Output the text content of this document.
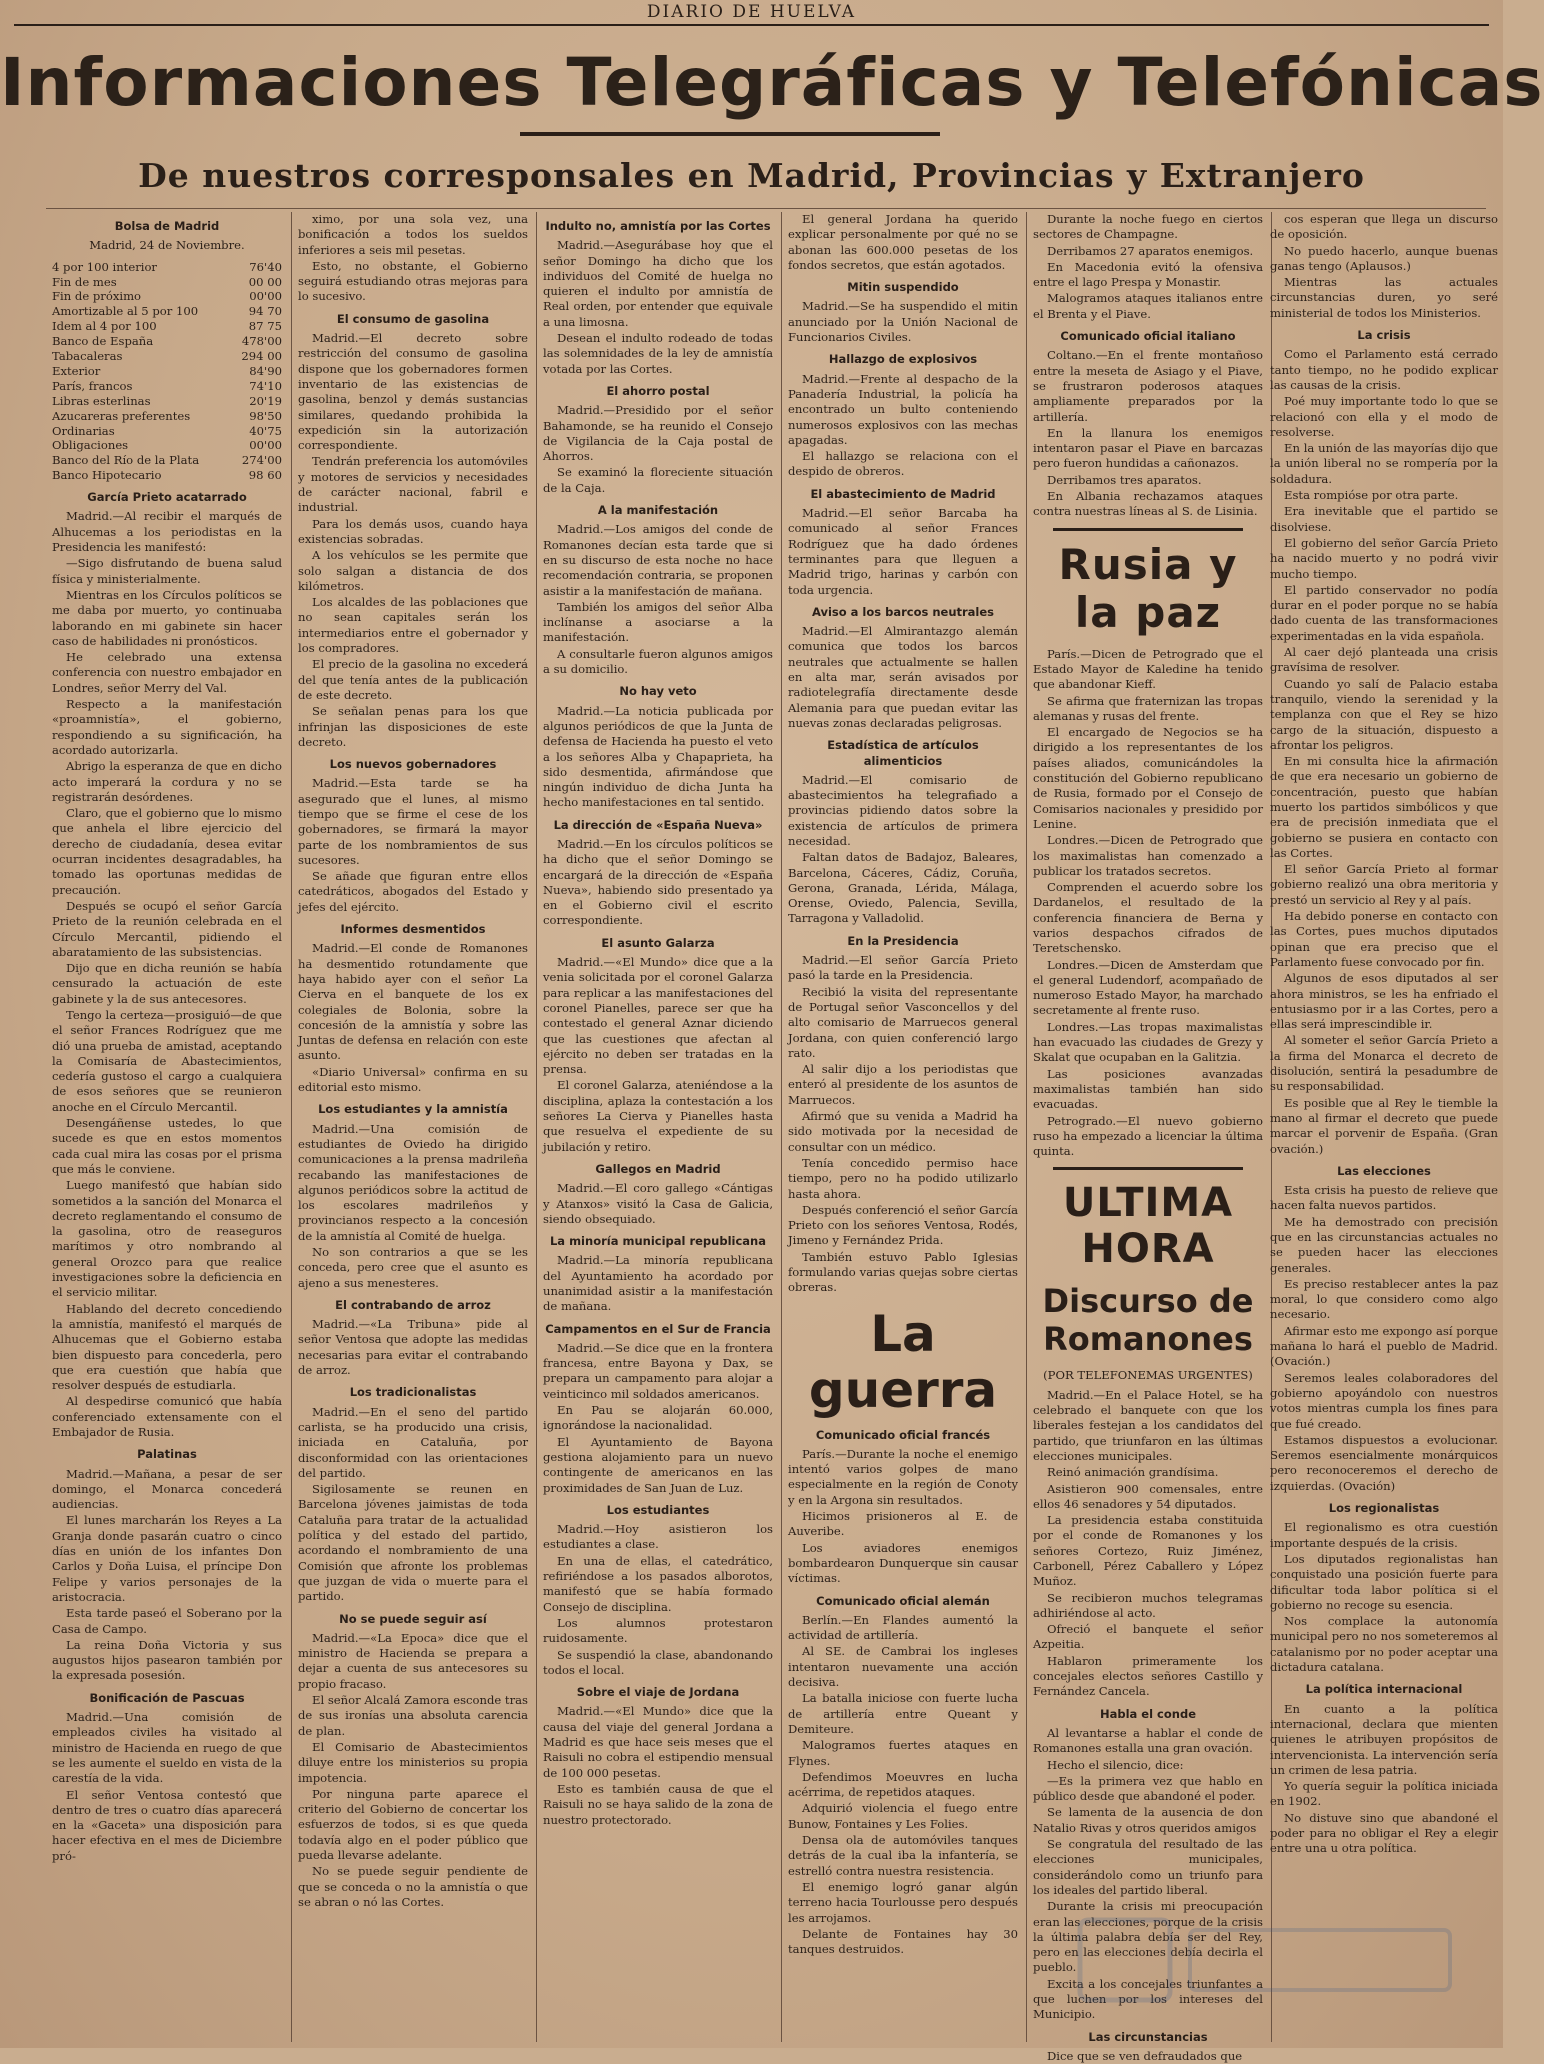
DIARIO DE HUELVA
Informaciones Telegráficas y Telefónicas
De nuestros corresponsales en Madrid, Provincias y Extranjero
Bolsa de Madrid
Madrid, 24 de Noviembre.
4 por 100 interior	76'40
Fin de mes	00 00
Fin de próximo	00'00
Amortizable al 5 por 100	94 70
Idem al 4 por 100	87 75
Banco de España	478'00
Tabacaleras	294 00
Exterior	84'90
París, francos	74'10
Libras esterlinas	20'19
Azucareras preferentes	98'50
Ordinarias	40'75
Obligaciones	00'00
Banco del Río de la Plata	274'00
Banco Hipotecario	98 60
García Prieto acatarrado

Madrid.—Al recibir el marqués de Alhucemas a los periodistas en la Presidencia les manifestó:

—Sigo disfrutando de buena salud física y ministerialmente.

Mientras en los Círculos políticos se me daba por muerto, yo continuaba laborando en mi gabinete sin hacer caso de habilidades ni pronósticos.

He celebrado una extensa conferencia con nuestro embajador en Londres, señor Merry del Val.

Respecto a la manifestación «proamnistía», el gobierno, respondiendo a su significación, ha acordado autorizarla.

Abrigo la esperanza de que en dicho acto imperará la cordura y no se registrarán desórdenes.

Claro, que el gobierno que lo mismo que anhela el libre ejercicio del derecho de ciudadanía, desea evitar ocurran incidentes desagradables, ha tomado las oportunas medidas de precaución.

Después se ocupó el señor García Prieto de la reunión celebrada en el Círculo Mercantil, pidiendo el abaratamiento de las subsistencias.

Dijo que en dicha reunión se había censurado la actuación de este gabinete y la de sus antecesores.

Tengo la certeza—prosiguió—de que el señor Frances Rodríguez que me dió una prueba de amistad, aceptando la Comisaría de Abastecimientos, cedería gustoso el cargo a cualquiera de esos señores que se reunieron anoche en el Círculo Mercantil.

Desengáñense ustedes, lo que sucede es que en estos momentos cada cual mira las cosas por el prisma que más le conviene.

Luego manifestó que habían sido sometidos a la sanción del Monarca el decreto reglamentando el consumo de la gasolina, otro de reaseguros marítimos y otro nombrando al general Orozco para que realice investigaciones sobre la deficiencia en el servicio militar.

Hablando del decreto concediendo la amnistía, manifestó el marqués de Alhucemas que el Gobierno estaba bien dispuesto para concederla, pero que era cuestión que había que resolver después de estudiarla.

Al despedirse comunicó que había conferenciado extensamente con el Embajador de Rusia.

Palatinas

Madrid.—Mañana, a pesar de ser domingo, el Monarca concederá audiencias.

El lunes marcharán los Reyes a La Granja donde pasarán cuatro o cinco días en unión de los infantes Don Carlos y Doña Luisa, el príncipe Don Felipe y varios personajes de la aristocracia.

Esta tarde paseó el Soberano por la Casa de Campo.

La reina Doña Victoria y sus augustos hijos pasearon también por la expresada posesión.

Bonificación de Pascuas

Madrid.—Una comisión de empleados civiles ha visitado al ministro de Hacienda en ruego de que se les aumente el sueldo en vista de la carestía de la vida.

El señor Ventosa contestó que dentro de tres o cuatro días aparecerá en la «Gaceta» una disposición para hacer efectiva en el mes de Diciembre pró-

ximo, por una sola vez, una bonificación a todos los sueldos inferiores a seis mil pesetas.

Esto, no obstante, el Gobierno seguirá estudiando otras mejoras para lo sucesivo.

El consumo de gasolina

Madrid.—El decreto sobre restricción del consumo de gasolina dispone que los gobernadores formen inventario de las existencias de gasolina, benzol y demás sustancias similares, quedando prohibida la expedición sin la autorización correspondiente.

Tendrán preferencia los automóviles y motores de servicios y necesidades de carácter nacional, fabril e industrial.

Para los demás usos, cuando haya existencias sobradas.

A los vehículos se les permite que solo salgan a distancia de dos kilómetros.

Los alcaldes de las poblaciones que no sean capitales serán los intermediarios entre el gobernador y los compradores.

El precio de la gasolina no excederá del que tenía antes de la publicación de este decreto.

Se señalan penas para los que infrinjan las disposiciones de este decreto.

Los nuevos gobernadores

Madrid.—Esta tarde se ha asegurado que el lunes, al mismo tiempo que se firme el cese de los gobernadores, se firmará la mayor parte de los nombramientos de sus sucesores.

Se añade que figuran entre ellos catedráticos, abogados del Estado y jefes del ejército.

Informes desmentidos

Madrid.—El conde de Romanones ha desmentido rotundamente que haya habido ayer con el señor La Cierva en el banquete de los ex colegiales de Bolonia, sobre la concesión de la amnistía y sobre las Juntas de defensa en relación con este asunto.

«Diario Universal» confirma en su editorial esto mismo.

Los estudiantes y la amnistía

Madrid.—Una comisión de estudiantes de Oviedo ha dirigido comunicaciones a la prensa madrileña recabando las manifestaciones de algunos periódicos sobre la actitud de los escolares madrileños y provincianos respecto a la concesión de la amnistía al Comité de huelga.

No son contrarios a que se les conceda, pero cree que el asunto es ajeno a sus menesteres.

El contrabando de arroz

Madrid.—«La Tribuna» pide al señor Ventosa que adopte las medidas necesarias para evitar el contrabando de arroz.

Los tradicionalistas

Madrid.—En el seno del partido carlista, se ha producido una crisis, iniciada en Cataluña, por disconformidad con las orientaciones del partido.

Sigilosamente se reunen en Barcelona jóvenes jaimistas de toda Cataluña para tratar de la actualidad política y del estado del partido, acordando el nombramiento de una Comisión que afronte los problemas que juzgan de vida o muerte para el partido.

No se puede seguir así

Madrid.—«La Epoca» dice que el ministro de Hacienda se prepara a dejar a cuenta de sus antecesores su propio fracaso.

El señor Alcalá Zamora esconde tras de sus ironías una absoluta carencia de plan.

El Comisario de Abastecimientos diluye entre los ministerios su propia impotencia.

Por ninguna parte aparece el criterio del Gobierno de concertar los esfuerzos de todos, si es que queda todavía algo en el poder público que pueda llevarse adelante.

No se puede seguir pendiente de que se conceda o no la amnistía o que se abran o nó las Cortes.

Indulto no, amnistía por las Cortes

Madrid.—Asegurábase hoy que el señor Domingo ha dicho que los individuos del Comité de huelga no quieren el indulto por amnistía de Real orden, por entender que equivale a una limosna.

Desean el indulto rodeado de todas las solemnidades de la ley de amnistía votada por las Cortes.

El ahorro postal

Madrid.—Presidido por el señor Bahamonde, se ha reunido el Consejo de Vigilancia de la Caja postal de Ahorros.

Se examinó la floreciente situación de la Caja.

A la manifestación

Madrid.—Los amigos del conde de Romanones decían esta tarde que si en su discurso de esta noche no hace recomendación contraria, se proponen asistir a la manifestación de mañana.

También los amigos del señor Alba inclínanse a asociarse a la manifestación.

A consultarle fueron algunos amigos a su domicilio.

No hay veto

Madrid.—La noticia publicada por algunos periódicos de que la Junta de defensa de Hacienda ha puesto el veto a los señores Alba y Chapaprieta, ha sido desmentida, afirmándose que ningún individuo de dicha Junta ha hecho manifestaciones en tal sentido.

La dirección de «España Nueva»

Madrid.—En los círculos políticos se ha dicho que el señor Domingo se encargará de la dirección de «España Nueva», habiendo sido presentado ya en el Gobierno civil el escrito correspondiente.

El asunto Galarza

Madrid.—«El Mundo» dice que a la venia solicitada por el coronel Galarza para replicar a las manifestaciones del coronel Pianelles, parece ser que ha contestado el general Aznar diciendo que las cuestiones que afectan al ejército no deben ser tratadas en la prensa.

El coronel Galarza, ateniéndose a la disciplina, aplaza la contestación a los señores La Cierva y Pianelles hasta que resuelva el expediente de su jubilación y retiro.

Gallegos en Madrid

Madrid.—El coro gallego «Cántigas y Atanxos» visitó la Casa de Galicia, siendo obsequiado.

La minoría municipal republicana

Madrid.—La minoría republicana del Ayuntamiento ha acordado por unanimidad asistir a la manifestación de mañana.

Campamentos en el Sur de Francia

Madrid.—Se dice que en la frontera francesa, entre Bayona y Dax, se prepara un campamento para alojar a veinticinco mil soldados americanos.

En Pau se alojarán 60.000, ignorándose la nacionalidad.

El Ayuntamiento de Bayona gestiona alojamiento para un nuevo contingente de americanos en las proximidades de San Juan de Luz.

Los estudiantes

Madrid.—Hoy asistieron los estudiantes a clase.

En una de ellas, el catedrático, refiriéndose a los pasados alborotos, manifestó que se había formado Consejo de disciplina.

Los alumnos protestaron ruidosamente.

Se suspendió la clase, abandonando todos el local.

Sobre el viaje de Jordana

Madrid.—«El Mundo» dice que la causa del viaje del general Jordana a Madrid es que hace seis meses que el Raisuli no cobra el estipendio mensual de 100 000 pesetas.

Esto es también causa de que el Raisuli no se haya salido de la zona de nuestro protectorado.

El general Jordana ha querido explicar personalmente por qué no se abonan las 600.000 pesetas de los fondos secretos, que están agotados.

Mitin suspendido

Madrid.—Se ha suspendido el mitin anunciado por la Unión Nacional de Funcionarios Civiles.

Hallazgo de explosivos

Madrid.—Frente al despacho de la Panadería Industrial, la policía ha encontrado un bulto conteniendo numerosos explosivos con las mechas apagadas.

El hallazgo se relaciona con el despido de obreros.

El abastecimiento de Madrid

Madrid.—El señor Barcaba ha comunicado al señor Frances Rodríguez que ha dado órdenes terminantes para que lleguen a Madrid trigo, harinas y carbón con toda urgencia.

Aviso a los barcos neutrales

Madrid.—El Almirantazgo alemán comunica que todos los barcos neutrales que actualmente se hallen en alta mar, serán avisados por radiotelegrafía directamente desde Alemania para que puedan evitar las nuevas zonas declaradas peligrosas.

Estadística de artículos alimenticios

Madrid.—El comisario de abastecimientos ha telegrafiado a provincias pidiendo datos sobre la existencia de artículos de primera necesidad.

Faltan datos de Badajoz, Baleares, Barcelona, Cáceres, Cádiz, Coruña, Gerona, Granada, Lérida, Málaga, Orense, Oviedo, Palencia, Sevilla, Tarragona y Valladolid.

En la Presidencia

Madrid.—El señor García Prieto pasó la tarde en la Presidencia.

Recibió la visita del representante de Portugal señor Vasconcellos y del alto comisario de Marruecos general Jordana, con quien conferenció largo rato.

Al salir dijo a los periodistas que enteró al presidente de los asuntos de Marruecos.

Afirmó que su venida a Madrid ha sido motivada por la necesidad de consultar con un médico.

Tenía concedido permiso hace tiempo, pero no ha podido utilizarlo hasta ahora.

Después conferenció el señor García Prieto con los señores Ventosa, Rodés, Jimeno y Fernández Prida.

También estuvo Pablo Iglesias formulando varias quejas sobre ciertas obreras.

La guerra
Comunicado oficial francés

París.—Durante la noche el enemigo intentó varios golpes de mano especialmente en la región de Conoty y en la Argona sin resultados.

Hicimos prisioneros al E. de Auveribe.

Los aviadores enemigos bombardearon Dunquerque sin causar víctimas.

Comunicado oficial alemán

Berlín.—En Flandes aumentó la actividad de artillería.

Al SE. de Cambrai los ingleses intentaron nuevamente una acción decisiva.

La batalla iniciose con fuerte lucha de artillería entre Queant y Demiteure.

Malogramos fuertes ataques en Flynes.

Defendimos Moeuvres en lucha acérrima, de repetidos ataques.

Adquirió violencia el fuego entre Bunow, Fontaines y Les Folies.

Densa ola de automóviles tanques detrás de la cual iba la infantería, se estrelló contra nuestra resistencia.

El enemigo logró ganar algún terreno hacia Tourlousse pero después les arrojamos.

Delante de Fontaines hay 30 tanques destruidos.

Durante la noche fuego en ciertos sectores de Champagne.

Derribamos 27 aparatos enemigos.

En Macedonia evitó la ofensiva entre el lago Prespa y Monastir.

Malogramos ataques italianos entre el Brenta y el Piave.

Comunicado oficial italiano

Coltano.—En el frente montañoso entre la meseta de Asiago y el Piave, se frustraron poderosos ataques ampliamente preparados por la artillería.

En la llanura los enemigos intentaron pasar el Piave en barcazas pero fueron hundidas a cañonazos.

Derribamos tres aparatos.

En Albania rechazamos ataques contra nuestras líneas al S. de Lisinia.

Rusia y la paz

París.—Dicen de Petrogrado que el Estado Mayor de Kaledine ha tenido que abandonar Kieff.

Se afirma que fraternizan las tropas alemanas y rusas del frente.

El encargado de Negocios se ha dirigido a los representantes de los países aliados, comunicándoles la constitución del Gobierno republicano de Rusia, formado por el Consejo de Comisarios nacionales y presidido por Lenine.

Londres.—Dicen de Petrogrado que los maximalistas han comenzado a publicar los tratados secretos.

Comprenden el acuerdo sobre los Dardanelos, el resultado de la conferencia financiera de Berna y varios despachos cifrados de Teretschensko.

Londres.—Dicen de Amsterdam que el general Ludendorf, acompañado de numeroso Estado Mayor, ha marchado secretamente al frente ruso.

Londres.—Las tropas maximalistas han evacuado las ciudades de Grezy y Skalat que ocupaban en la Galitzia.

Las posiciones avanzadas maximalistas también han sido evacuadas.

Petrogrado.—El nuevo gobierno ruso ha empezado a licenciar la última quinta.

ULTIMA HORA
Discurso de Romanones
(POR TELEFONEMAS URGENTES)

Madrid.—En el Palace Hotel, se ha celebrado el banquete con que los liberales festejan a los candidatos del partido, que triunfaron en las últimas elecciones municipales.

Reinó animación grandísima.

Asistieron 900 comensales, entre ellos 46 senadores y 54 diputados.

La presidencia estaba constituida por el conde de Romanones y los señores Cortezo, Ruiz Jiménez, Carbonell, Pérez Caballero y López Muñoz.

Se recibieron muchos telegramas adhiriéndose al acto.

Ofreció el banquete el señor Azpeitia.

Hablaron primeramente los concejales electos señores Castillo y Fernández Cancela.

Habla el conde

Al levantarse a hablar el conde de Romanones estalla una gran ovación.

Hecho el silencio, dice:

—Es la primera vez que hablo en público desde que abandoné el poder.

Se lamenta de la ausencia de don Natalio Rivas y otros queridos amigos

Se congratula del resultado de las elecciones municipales, considerándolo como un triunfo para los ideales del partido liberal.

Durante la crisis mi preocupación eran las elecciones, porque de la crisis la última palabra debía ser del Rey, pero en las elecciones debía decirla el pueblo.

Excita a los concejales triunfantes a que luchen por los intereses del Municipio.

Las circunstancias

Dice que se ven defraudados que

cos esperan que llega un discurso de oposición.

No puedo hacerlo, aunque buenas ganas tengo (Aplausos.)

Mientras las actuales circunstancias duren, yo seré ministerial de todos los Ministerios.

La crisis

Como el Parlamento está cerrado tanto tiempo, no he podido explicar las causas de la crisis.

Poé muy importante todo lo que se relacionó con ella y el modo de resolverse.

En la unión de las mayorías dijo que la unión liberal no se rompería por la soldadura.

Esta rompióse por otra parte.

Era inevitable que el partido se disolviese.

El gobierno del señor García Prieto ha nacido muerto y no podrá vivir mucho tiempo.

El partido conservador no podía durar en el poder porque no se había dado cuenta de las transformaciones experimentadas en la vida española.

Al caer dejó planteada una crisis gravísima de resolver.

Cuando yo salí de Palacio estaba tranquilo, viendo la serenidad y la templanza con que el Rey se hizo cargo de la situación, dispuesto a afrontar los peligros.

En mi consulta hice la afirmación de que era necesario un gobierno de concentración, puesto que habían muerto los partidos simbólicos y que era de precisión inmediata que el gobierno se pusiera en contacto con las Cortes.

El señor García Prieto al formar gobierno realizó una obra meritoria y prestó un servicio al Rey y al país.

Ha debido ponerse en contacto con las Cortes, pues muchos diputados opinan que era preciso que el Parlamento fuese convocado por fin.

Algunos de esos diputados al ser ahora ministros, se les ha enfriado el entusiasmo por ir a las Cortes, pero a ellas será imprescindible ir.

Al someter el señor García Prieto a la firma del Monarca el decreto de disolución, sentirá la pesadumbre de su responsabilidad.

Es posible que al Rey le tiemble la mano al firmar el decreto que puede marcar el porvenir de España. (Gran ovación.)

Las elecciones

Esta crisis ha puesto de relieve que hacen falta nuevos partidos.

Me ha demostrado con precisión que en las circunstancias actuales no se pueden hacer las elecciones generales.

Es preciso restablecer antes la paz moral, lo que considero como algo necesario.

Afirmar esto me expongo así porque mañana lo hará el pueblo de Madrid. (Ovación.)

Seremos leales colaboradores del gobierno apoyándolo con nuestros votos mientras cumpla los fines para que fué creado.

Estamos dispuestos a evolucionar. Seremos esencialmente monárquicos pero reconoceremos el derecho de izquierdas. (Ovación)

Los regionalistas

El regionalismo es otra cuestión importante después de la crisis.

Los diputados regionalistas han conquistado una posición fuerte para dificultar toda labor política si el gobierno no recoge su esencia.

Nos complace la autonomía municipal pero no nos someteremos al catalanismo por no poder aceptar una dictadura catalana.

La política internacional

En cuanto a la política internacional, declara que mienten quienes le atribuyen propósitos de intervencionista. La intervención sería un crimen de lesa patria.

Yo quería seguir la política iniciada en 1902.

No distuve sino que abandoné el poder para no obligar el Rey a elegir entre una u otra política.
